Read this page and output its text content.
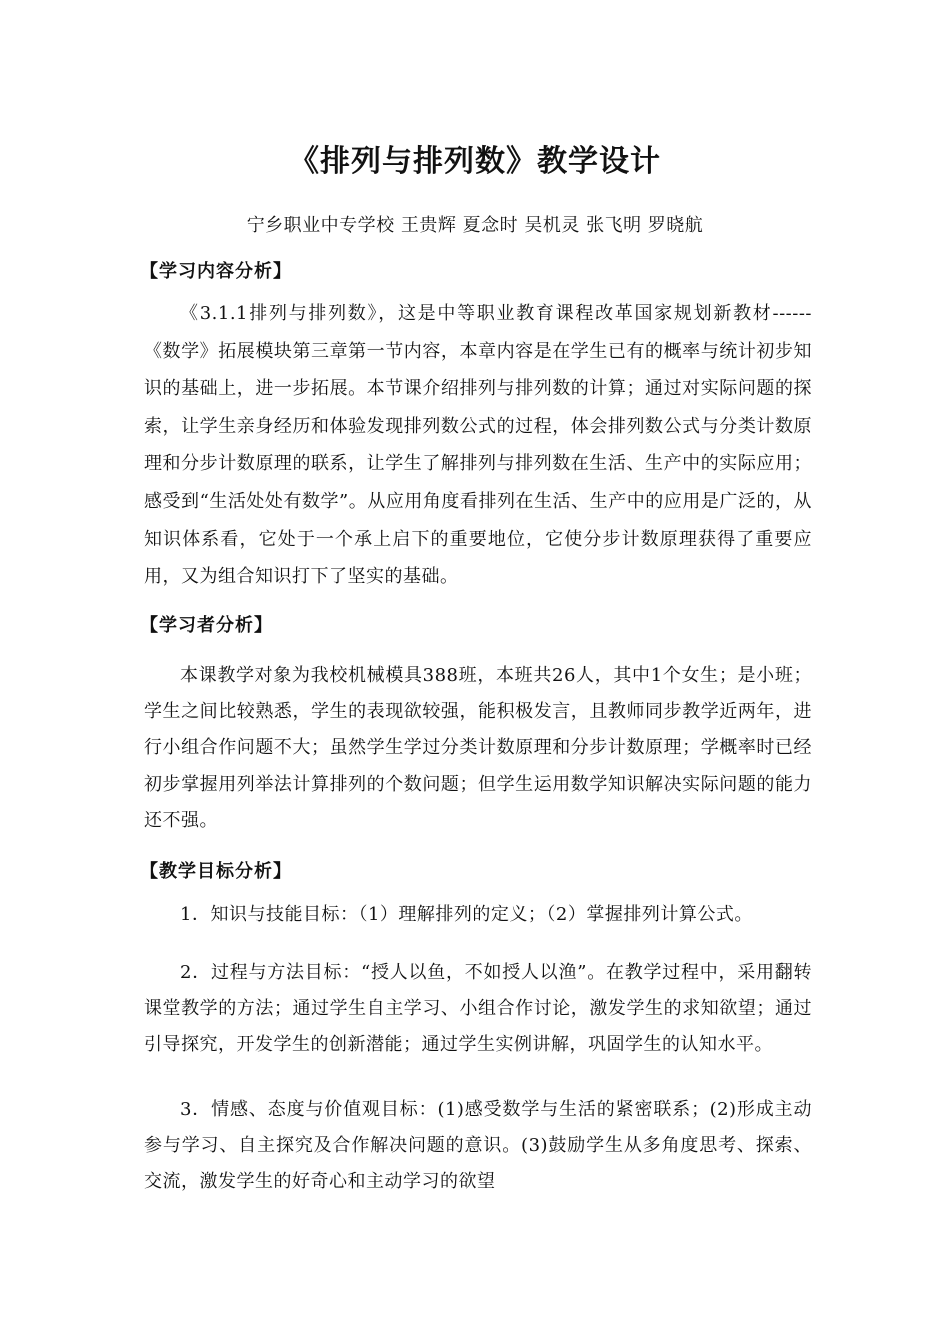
《排列与排列数》教学设计
宁乡职业中专学校 王贵辉 夏念时 吴机灵 张飞明 罗晓航
【学习内容分析】
《3.1.1排列与排列数》，这是中等职业教育课程改革国家规划新教材------《数学》拓展模块第三章第一节内容，本章内容是在学生已有的概率与统计初步知识的基础上，进一步拓展。本节课介绍排列与排列数的计算；通过对实际问题的探索，让学生亲身经历和体验发现排列数公式的过程，体会排列数公式与分类计数原理和分步计数原理的联系，让学生了解排列与排列数在生活、生产中的实际应用；感受到“生活处处有数学”。从应用角度看排列在生活、生产中的应用是广泛的，从知识体系看，它处于一个承上启下的重要地位，它使分步计数原理获得了重要应用，又为组合知识打下了坚实的基础。
【学习者分析】
本课教学对象为我校机械模具388班，本班共26人，其中1个女生；是小班；学生之间比较熟悉，学生的表现欲较强，能积极发言，且教师同步教学近两年，进行小组合作问题不大；虽然学生学过分类计数原理和分步计数原理；学概率时已经初步掌握用列举法计算排列的个数问题；但学生运用数学知识解决实际问题的能力还不强。
【教学目标分析】
1．知识与技能目标：（1）理解排列的定义；（2）掌握排列计算公式。
2．过程与方法目标：“授人以鱼，不如授人以渔”。在教学过程中，采用翻转课堂教学的方法；通过学生自主学习、小组合作讨论，激发学生的求知欲望；通过引导探究，开发学生的创新潜能；通过学生实例讲解，巩固学生的认知水平。
3．情感、态度与价值观目标：(1)感受数学与生活的紧密联系；(2)形成主动参与学习、自主探究及合作解决问题的意识。(3)鼓励学生从多角度思考、探索、交流，激发学生的好奇心和主动学习的欲望
